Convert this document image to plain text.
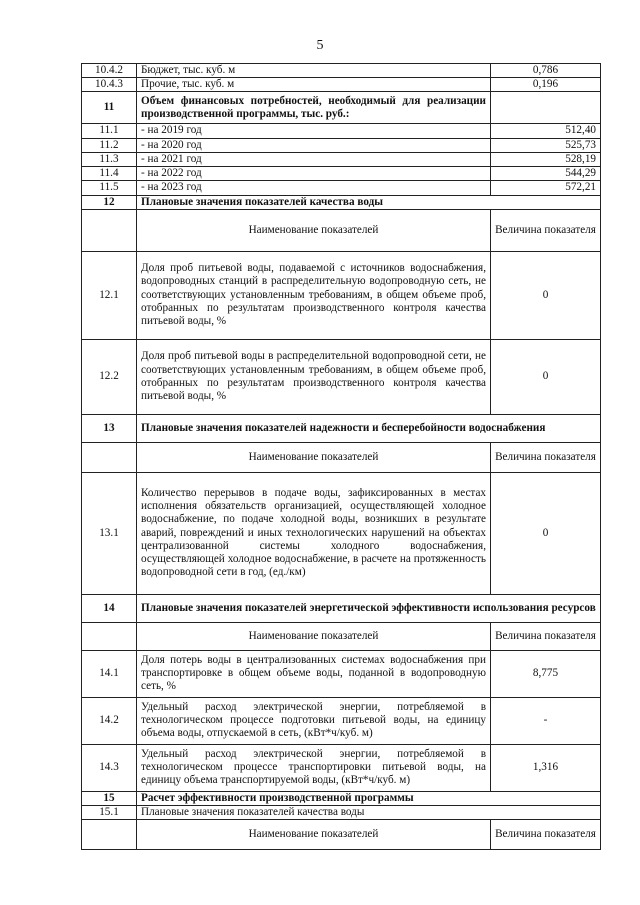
5
10.4.2	Бюджет, тыс. куб. м	0,786
10.4.3	Прочие, тыс. куб. м	0,196
11	Объем финансовых потребностей, необходимый для реализации производственной программы, тыс. руб.:	
11.1	- на 2019 год	512,40
11.2	- на 2020 год	525,73
11.3	- на 2021 год	528,19
11.4	- на 2022 год	544,29
11.5	- на 2023 год	572,21
12	Плановые значения показателей качества воды	
	Наименование показателей	Величина показателя
12.1	Доля проб питьевой воды, подаваемой с источников водоснабжения, водопроводных станций в распределительную водопроводную сеть, не соответствующих установленным требованиям, в общем объеме проб, отобранных по результатам производственного контроля качества питьевой воды, %	0
12.2	Доля проб питьевой воды в распределительной водопроводной сети, не соответствующих установленным требованиям, в общем объеме проб, отобранных по результатам производственного контроля качества питьевой воды, %	0
13	Плановые значения показателей надежности и бесперебойности водоснабжения	
	Наименование показателей	Величина показателя
13.1	Количество перерывов в подаче воды, зафиксированных в местах исполнения обязательств организацией, осуществляющей холодное водоснабжение, по подаче холодной воды, возникших в результате аварий, повреждений и иных технологических нарушений на объектах централизованной системы холодного водоснабжения, осуществляющей холодное водоснабжение, в расчете на протяженность водопроводной сети в год, (ед./км)	0
14	Плановые значения показателей энергетической эффективности использования ресурсов	
	Наименование показателей	Величина показателя
14.1	Доля потерь воды в централизованных системах водоснабжения при транспортировке в общем объеме воды, поданной в водопроводную сеть, %	8,775
14.2	Удельный расход электрической энергии, потребляемой в технологическом процессе подготовки питьевой воды, на единицу объема воды, отпускаемой в сеть, (кВт*ч/куб. м)	-
14.3	Удельный расход электрической энергии, потребляемой в технологическом процессе транспортировки питьевой воды, на единицу объема транспортируемой воды, (кВт*ч/куб. м)	1,316
15	Расчет эффективности производственной программы	
15.1	Плановые значения показателей качества воды	
	Наименование показателей	Величина показателя
